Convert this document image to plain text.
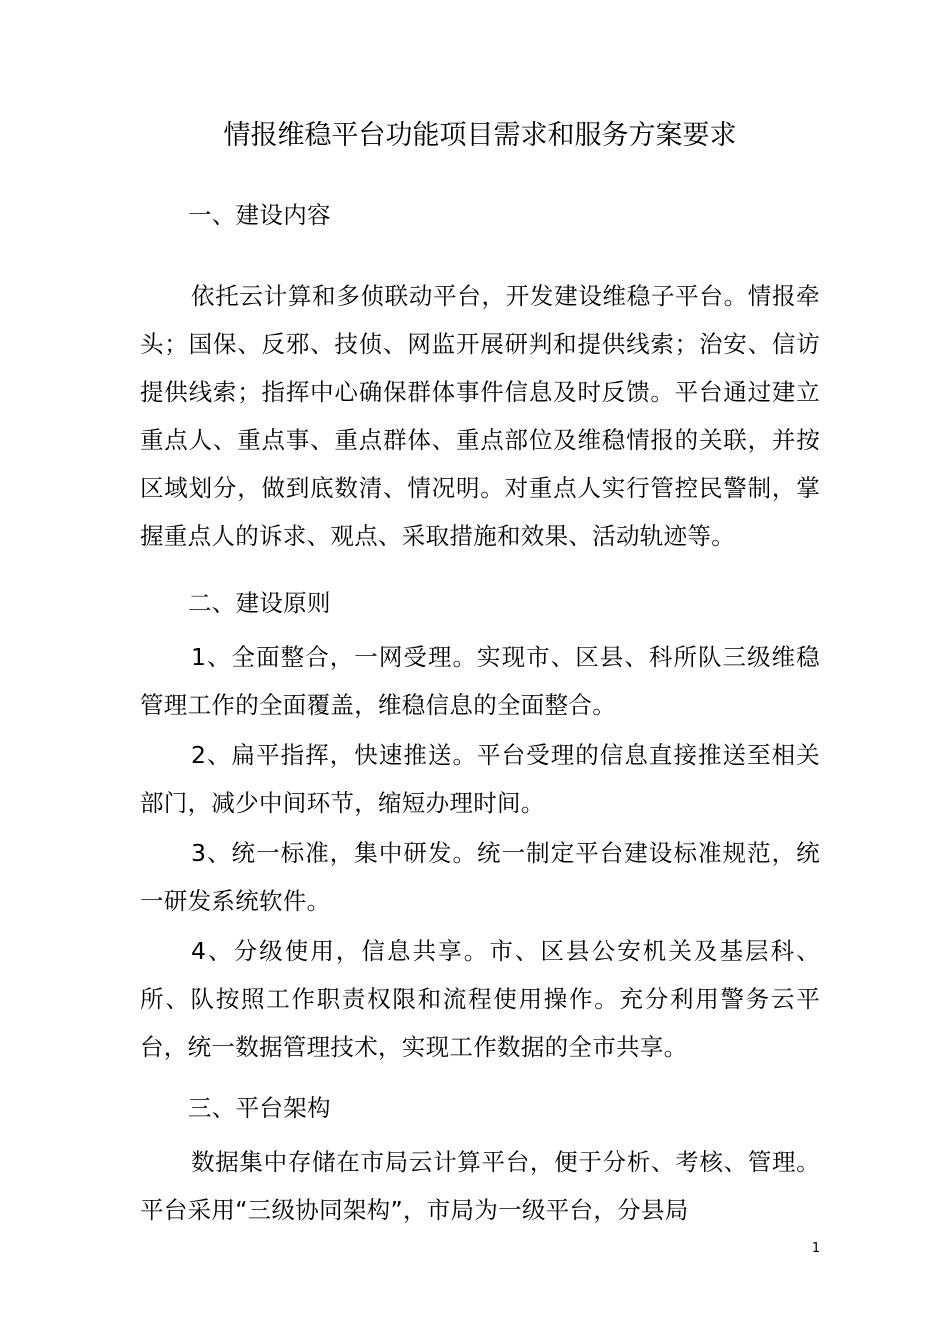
情报维稳平台功能项目需求和服务方案要求
一、建设内容
依托云计算和多侦联动平台，开发建设维稳子平台。情报牵头；国保、反邪、技侦、网监开展研判和提供线索；治安、信访提供线索；指挥中心确保群体事件信息及时反馈。平台通过建立重点人、重点事、重点群体、重点部位及维稳情报的关联，并按区域划分，做到底数清、情况明。对重点人实行管控民警制，掌握重点人的诉求、观点、采取措施和效果、活动轨迹等。
二、建设原则
1、全面整合，一网受理。实现市、区县、科所队三级维稳管理工作的全面覆盖，维稳信息的全面整合。
2、扁平指挥，快速推送。平台受理的信息直接推送至相关部门，减少中间环节，缩短办理时间。
3、统一标准，集中研发。统一制定平台建设标准规范，统一研发系统软件。
4、分级使用，信息共享。市、区县公安机关及基层科、所、队按照工作职责权限和流程使用操作。充分利用警务云平台，统一数据管理技术，实现工作数据的全市共享。
三、平台架构
数据集中存储在市局云计算平台，便于分析、考核、管理。平台采用“三级协同架构”，市局为一级平台，分县局
1
